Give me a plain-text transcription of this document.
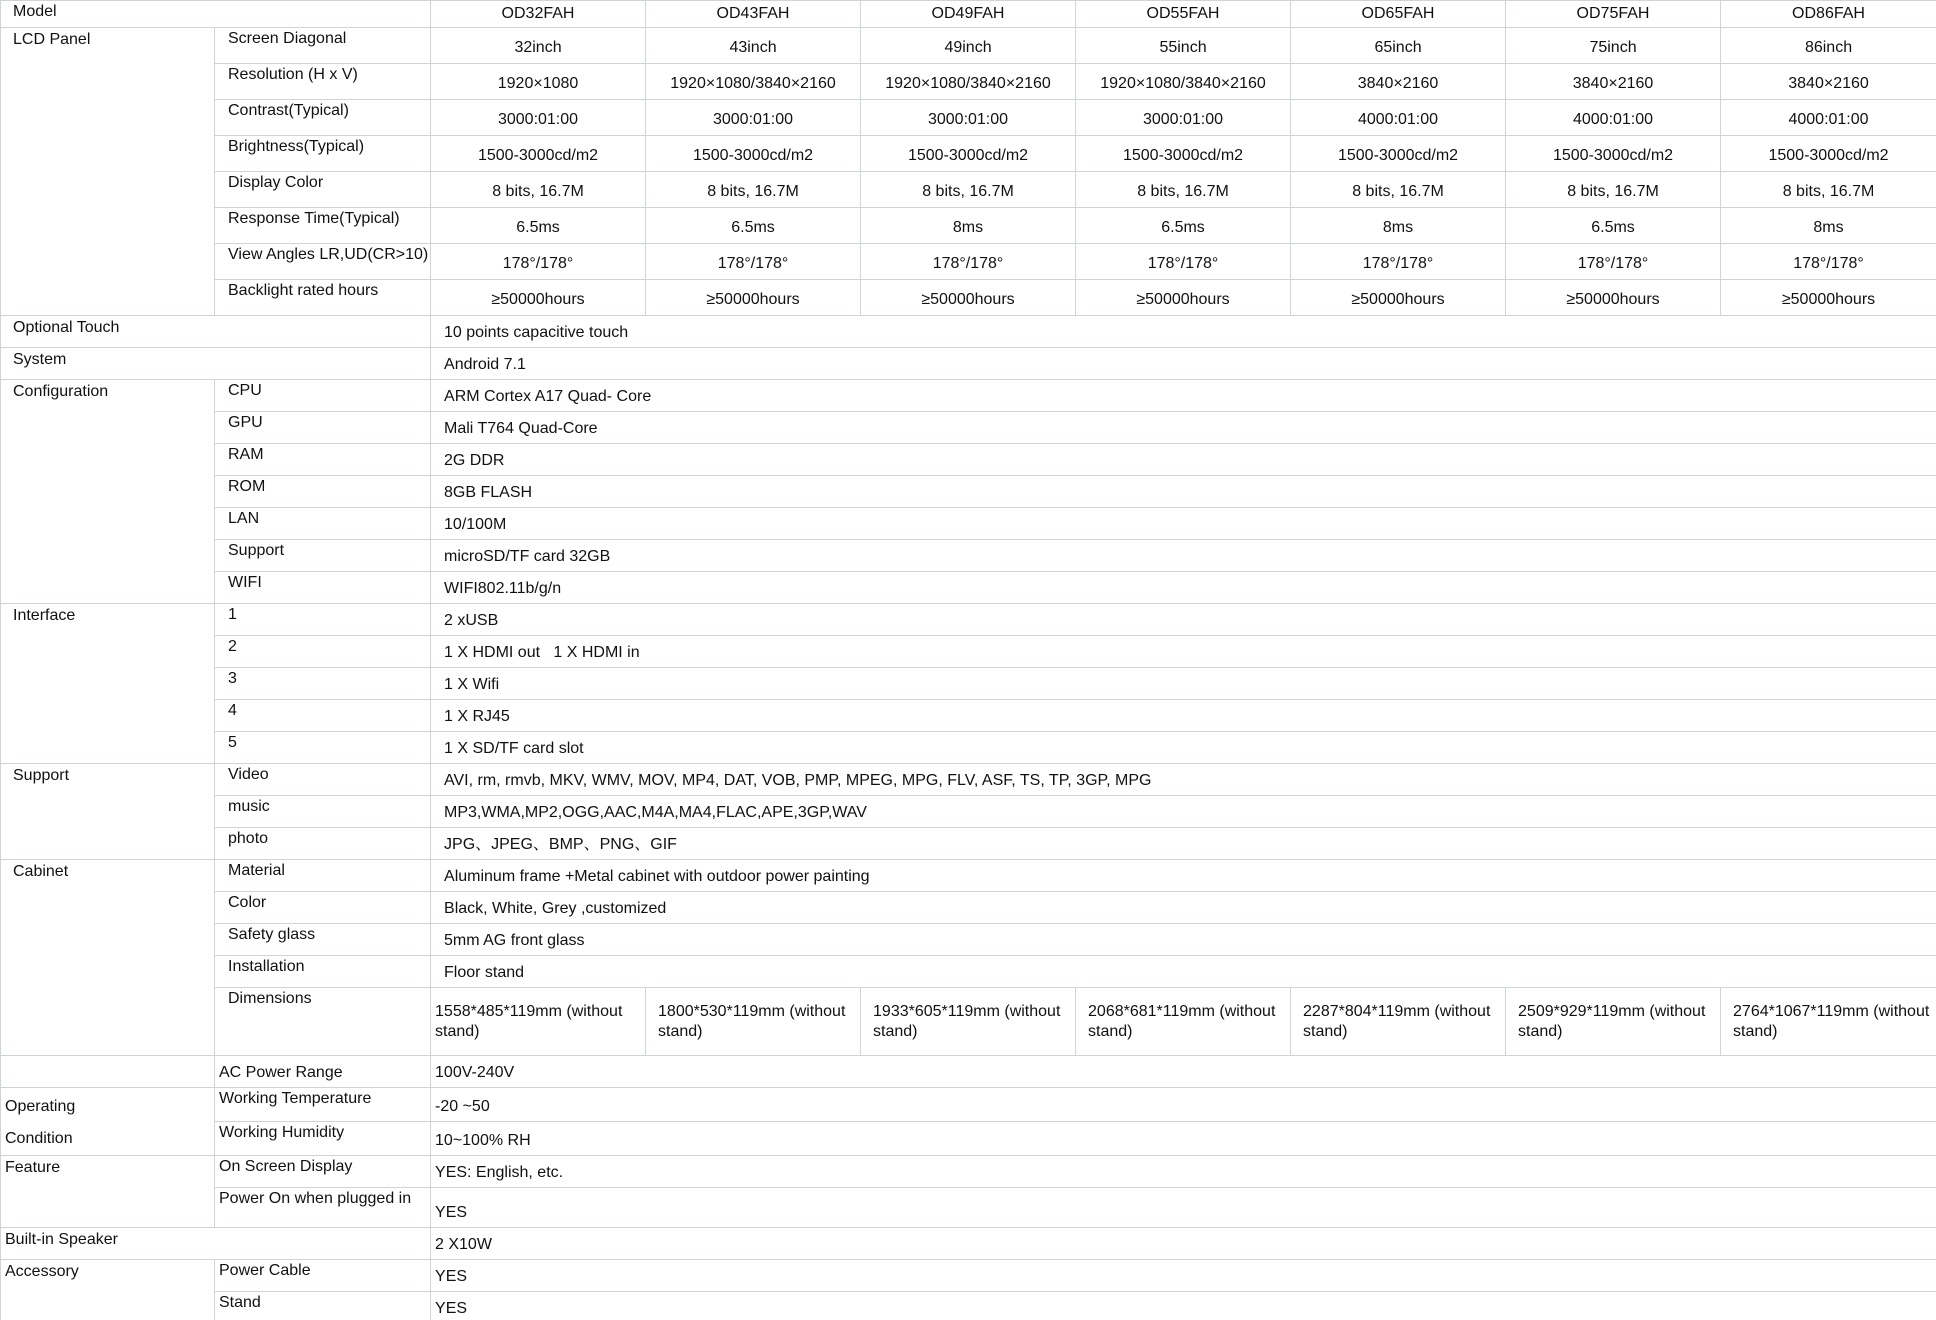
Model		OD32FAH	OD43FAH	OD49FAH	OD55FAH	OD65FAH	OD75FAH	OD86FAH
LCD Panel	Screen Diagonal	32inch	43inch	49inch	55inch	65inch	75inch	86inch
	Resolution (H x V)	1920×1080	1920×1080/3840×2160	1920×1080/3840×2160	1920×1080/3840×2160	3840×2160	3840×2160	3840×2160
	Contrast(Typical)	3000:01:00	3000:01:00	3000:01:00	3000:01:00	4000:01:00	4000:01:00	4000:01:00
	Brightness(Typical)	1500-3000cd/m2	1500-3000cd/m2	1500-3000cd/m2	1500-3000cd/m2	1500-3000cd/m2	1500-3000cd/m2	1500-3000cd/m2
	Display Color	8 bits, 16.7M	8 bits, 16.7M	8 bits, 16.7M	8 bits, 16.7M	8 bits, 16.7M	8 bits, 16.7M	8 bits, 16.7M
	Response Time(Typical)	6.5ms	6.5ms	8ms	6.5ms	8ms	6.5ms	8ms
	View Angles LR,UD(CR>10)	178°/178°	178°/178°	178°/178°	178°/178°	178°/178°	178°/178°	178°/178°
	Backlight rated hours	≥50000hours	≥50000hours	≥50000hours	≥50000hours	≥50000hours	≥50000hours	≥50000hours
Optional Touch		10 points capacitive touch						
System		Android 7.1						
Configuration	CPU	ARM Cortex A17 Quad- Core						
	GPU	Mali T764 Quad-Core						
	RAM	2G DDR						
	ROM	8GB FLASH						
	LAN	10/100M						
	Support	microSD/TF card 32GB						
	WIFI	WIFI802.11b/g/n						
Interface	1	2 xUSB						
	2	1 X HDMI out   1 X HDMI in						
	3	1 X Wifi						
	4	1 X RJ45						
	5	1 X SD/TF card slot						
Support	Video	AVI, rm, rmvb, MKV, WMV, MOV, MP4, DAT, VOB, PMP, MPEG, MPG, FLV, ASF, TS, TP, 3GP, MPG						
	music	MP3,WMA,MP2,OGG,AAC,M4A,MA4,FLAC,APE,3GP,WAV						
	photo	JPG、JPEG、BMP、PNG、GIF						
Cabinet	Material	Aluminum frame +Metal cabinet with outdoor power painting						
	Color	Black, White, Grey ,customized						
	Safety glass	5mm AG front glass						
	Installation	Floor stand						
	Dimensions	1558*485*119mm (without stand)	1800*530*119mm (without stand)	1933*605*119mm (without stand)	2068*681*119mm (without stand)	2287*804*119mm (without stand)	2509*929*119mm (without stand)	2764*1067*119mm (without stand)
	AC Power Range	100V-240V						
Operating
Condition	Working Temperature	-20 ~50						
	Working Humidity	10~100% RH						
Feature	On Screen Display	YES: English, etc.						
	Power On when plugged in	YES						
Built-in Speaker		2 X10W						
Accessory	Power Cable	YES						
	Stand	YES						
